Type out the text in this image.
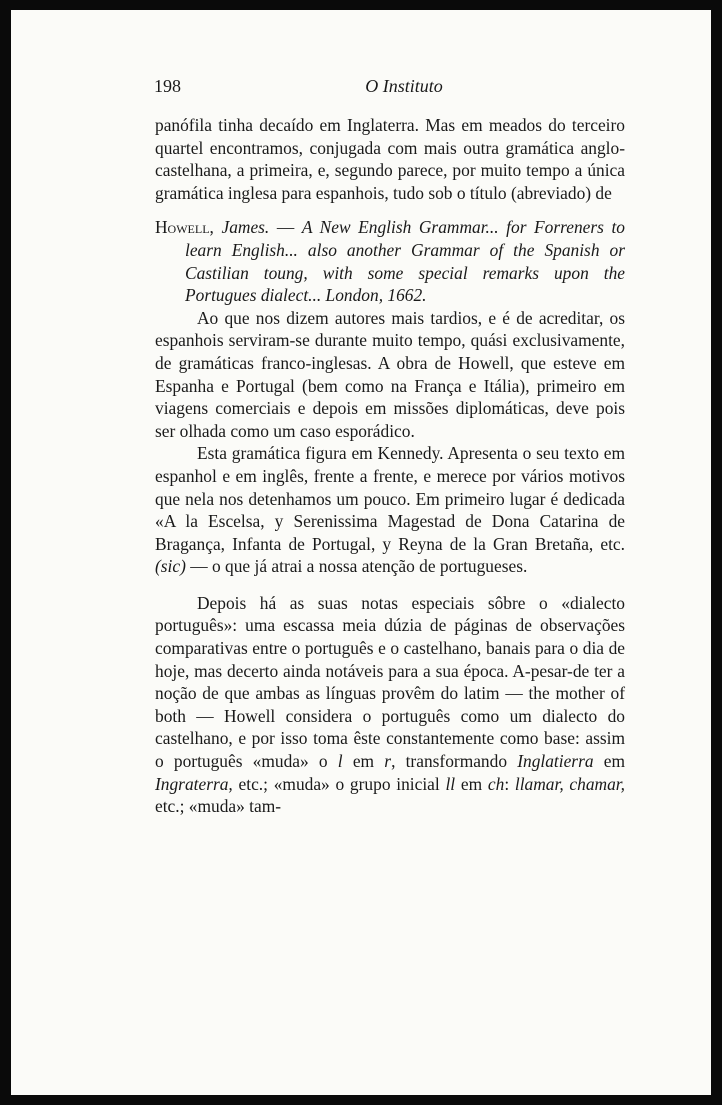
198	O Instituto

panófila tinha decaído em Inglaterra. Mas em meados do terceiro quartel encontramos, conjugada com mais outra gramática anglo-castelhana, a primeira, e, segundo parece, por muito tempo a única gramática inglesa para espanhois, tudo sob o título (abreviado) de

Howell, James. — A New English Grammar... for Forreners to learn English... also another Grammar of the Spanish or Castilian toung, with some special remarks upon the Portugues dialect... London, 1662.

Ao que nos dizem autores mais tardios, e é de acreditar, os espanhois serviram-se durante muito tempo, quási exclusivamente, de gramáticas franco-inglesas. A obra de Howell, que esteve em Espanha e Portugal (bem como na França e Itália), primeiro em viagens comerciais e depois em missões diplomáticas, deve pois ser olhada como um caso esporádico.

Esta gramática figura em Kennedy. Apresenta o seu texto em espanhol e em inglês, frente a frente, e merece por vários motivos que nela nos detenhamos um pouco. Em primeiro lugar é dedicada «A la Escelsa, y Serenissima Magestad de Dona Catarina de Bragança, Infanta de Portugal, y Reyna de la Gran Bretaña, etc. (sic) — o que já atrai a nossa atenção de portugueses.

Depois há as suas notas especiais sôbre o «dialecto português»: uma escassa meia dúzia de páginas de observações comparativas entre o português e o castelhano, banais para o dia de hoje, mas decerto ainda notáveis para a sua época. A-pesar-de ter a noção de que ambas as línguas provêm do latim — the mother of both — Howell considera o português como um dialecto do castelhano, e por isso toma êste constantemente como base: assim o português «muda» o l em r, transformando Inglatierra em Ingraterra, etc.; «muda» o grupo inicial ll em ch: llamar, chamar, etc.; «muda» tam-
